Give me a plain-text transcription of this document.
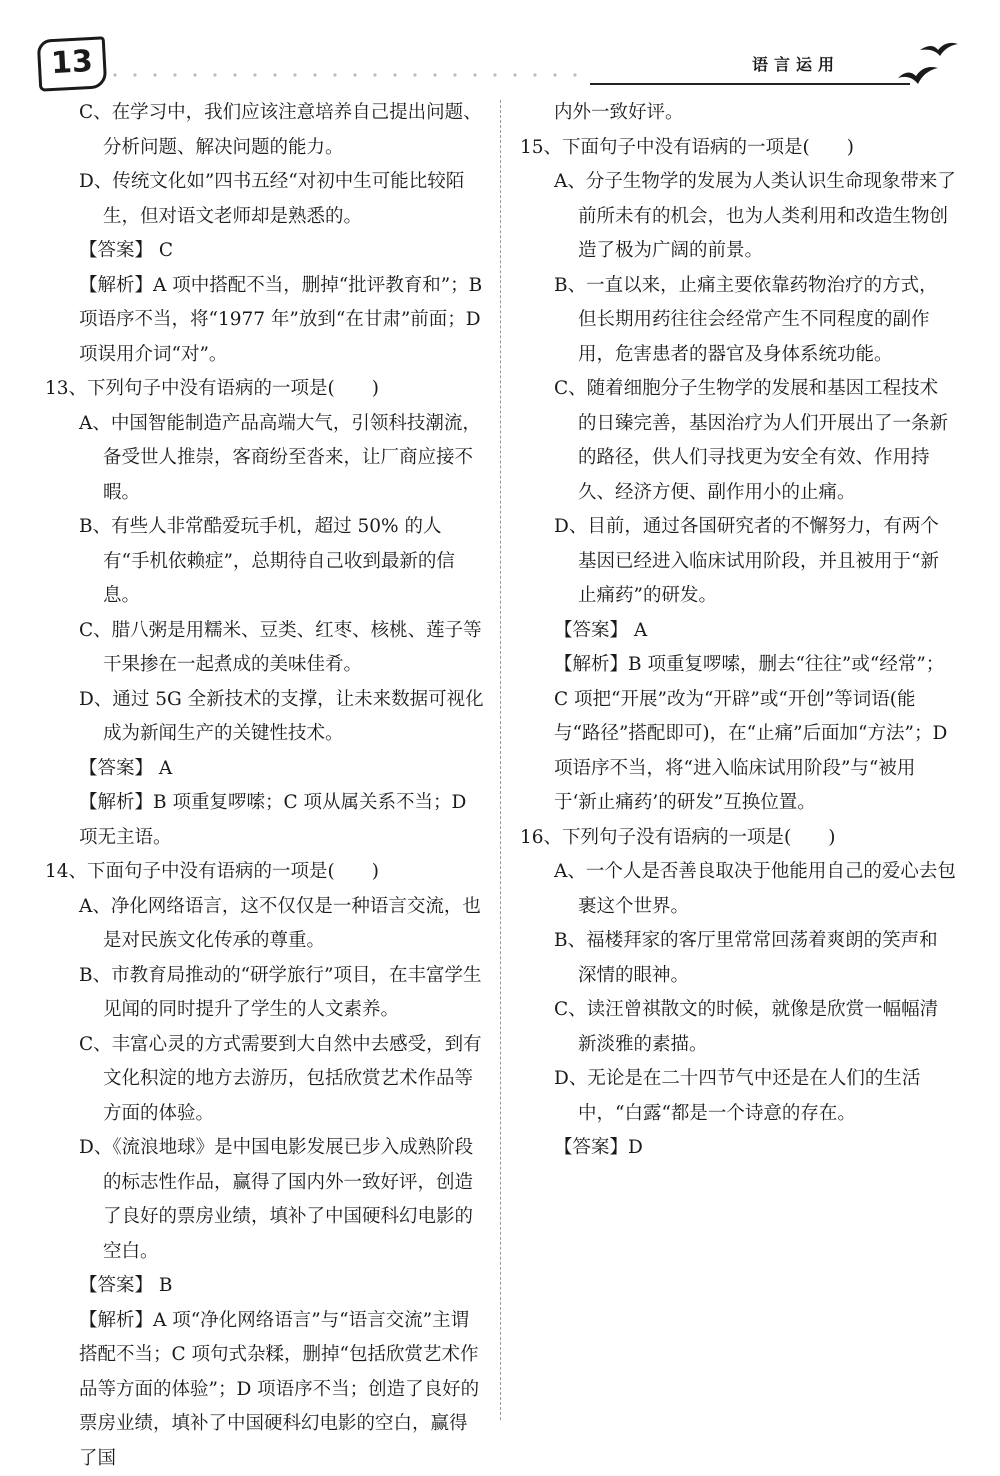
13	语言运用

C、在学习中，我们应该注意培养自己提出问题、分析问题、解决问题的能力。

D、传统文化如”四书五经“对初中生可能比较陌生，但对语文老师却是熟悉的。

【答案】 C

【解析】A 项中搭配不当，删掉“批评教育和”；B 项语序不当，将“1977 年”放到“在甘肃”前面；D 项误用介词“对”。

13、下列句子中没有语病的一项是(　　)

A、中国智能制造产品高端大气，引领科技潮流，备受世人推崇，客商纷至沓来，让厂商应接不暇。

B、有些人非常酷爱玩手机，超过 50% 的人有“手机依赖症”，总期待自己收到最新的信息。

C、腊八粥是用糯米、豆类、红枣、核桃、莲子等干果掺在一起煮成的美味佳肴。

D、通过 5G 全新技术的支撑，让未来数据可视化成为新闻生产的关键性技术。

【答案】 A

【解析】B 项重复啰嗦；C 项从属关系不当；D 项无主语。

14、下面句子中没有语病的一项是(　　)

A、净化网络语言，这不仅仅是一种语言交流，也是对民族文化传承的尊重。

B、市教育局推动的“研学旅行”项目，在丰富学生见闻的同时提升了学生的人文素养。

C、丰富心灵的方式需要到大自然中去感受，到有文化积淀的地方去游历，包括欣赏艺术作品等方面的体验。

D、《流浪地球》是中国电影发展已步入成熟阶段的标志性作品，赢得了国内外一致好评，创造了良好的票房业绩，填补了中国硬科幻电影的空白。

【答案】 B

【解析】A 项“净化网络语言”与“语言交流”主谓搭配不当；C 项句式杂糅，删掉“包括欣赏艺术作品等方面的体验”；D 项语序不当；创造了良好的票房业绩，填补了中国硬科幻电影的空白，赢得了国

内外一致好评。

15、下面句子中没有语病的一项是(　　)

A、分子生物学的发展为人类认识生命现象带来了前所未有的机会，也为人类利用和改造生物创造了极为广阔的前景。

B、一直以来，止痛主要依靠药物治疗的方式，但长期用药往往会经常产生不同程度的副作用，危害患者的器官及身体系统功能。

C、随着细胞分子生物学的发展和基因工程技术的日臻完善，基因治疗为人们开展出了一条新的路径，供人们寻找更为安全有效、作用持久、经济方便、副作用小的止痛。

D、目前，通过各国研究者的不懈努力，有两个基因已经进入临床试用阶段，并且被用于“新止痛药”的研发。

【答案】 A

【解析】B 项重复啰嗦，删去“往往”或“经常”；C 项把“开展”改为“开辟”或“开创”等词语(能与“路径”搭配即可)，在“止痛”后面加“方法”；D 项语序不当，将“进入临床试用阶段”与“被用于‘新止痛药’的研发”互换位置。

16、下列句子没有语病的一项是(　　)

A、一个人是否善良取决于他能用自己的爱心去包裹这个世界。

B、福楼拜家的客厅里常常回荡着爽朗的笑声和深情的眼神。

C、读汪曾祺散文的时候，就像是欣赏一幅幅清新淡雅的素描。

D、无论是在二十四节气中还是在人们的生活中，“白露“都是一个诗意的存在。

【答案】D
